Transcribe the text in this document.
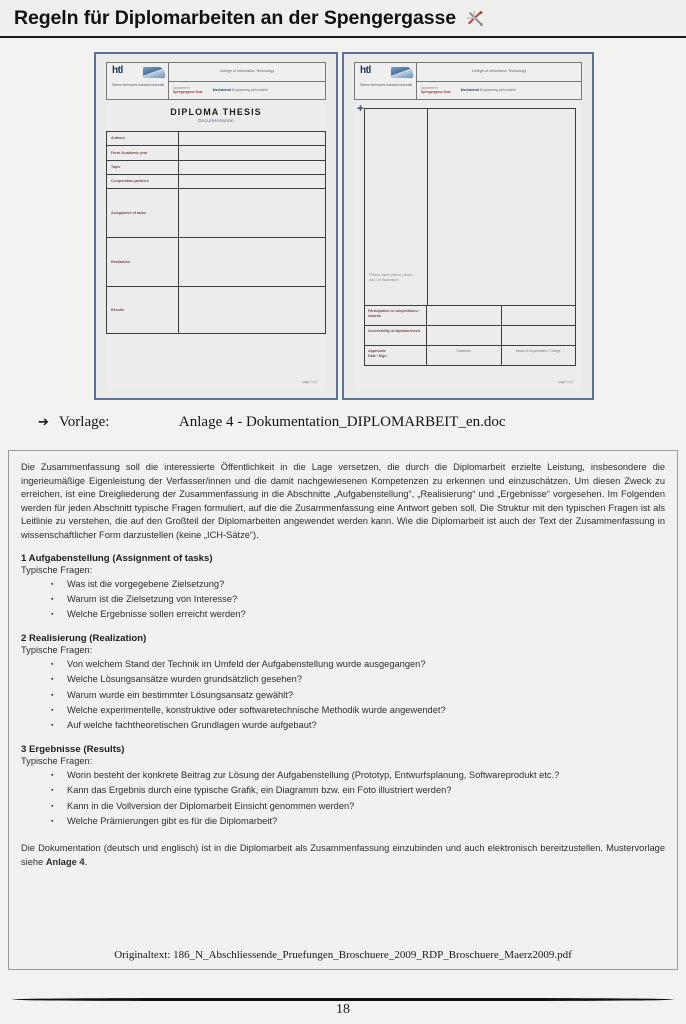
Regeln für Diplomarbeiten an der Spengergasse
htl
höhere technische bundeslehranstalt
College of Information Technology
Department
Spengergasse Graz
Mechanical Engineering Automotive
DIPLOMA THESIS
Documentation
Authors
Form / Academic year
Topic
Co-operation partners
Assignment of tasks
Realization
Results
page 1 of 2
htl
höhere technische bundeslehranstalt
College of Information Technology
Department
Spengergasse Graz
Mechanical Engineering Automotive
✚
Please insert picture, photo
and / or illustration
Participation in competitions / Awards
Accessibility of diploma thesis
Approvals
Date / Sign.
Examiner	Head of Department / College
page 2 of 2
➔ Vorlage:	Anlage 4 - Dokumentation_DIPLOMARBEIT_en.doc

Die Zusammenfassung soll die interessierte Öffentlichkeit in die Lage versetzen, die durch die Diplomarbeit erzielte Leistung, insbesondere die ingerieumäßige Eigenleistung der Verfasser/innen und die damit nachgewiesenen Kompetenzen zu erkennen und einzuschätzen. Um diesen Zweck zu erreichen, ist eine Dreigliederung der Zusammenfassung in die Abschnitte „Aufgabenstellung“, „Realisierung“ und „Ergebnisse“ vorgesehen. Im Folgenden werden für jeden Abschnitt typische Fragen formuliert, auf die die Zusammenfassung eine Antwort geben soll. Die Struktur mit den typischen Fragen ist als Leitlinie zu verstehen, die auf den Großteil der Diplomarbeiten angewendet werden kann. Wie die Diplomarbeit ist auch der Text der Zusammenfassung in wissenschaftlicher Form darzustellen (keine „ICH-Sätze“).

1 Aufgabenstellung (Assignment of tasks)
Typische Fragen:
▪ Was ist die vorgegebene Zielsetzung?
▪ Warum ist die Zielsetzung von Interesse?
▪ Welche Ergebnisse sollen erreicht werden?
2 Realisierung (Realization)
Typische Fragen:
▪ Von welchem Stand der Technik im Umfeld der Aufgabenstellung wurde ausgegangen?
▪ Welche Lösungsansätze wurden grundsätzlich gesehen?
▪ Warum wurde ein bestimmter Lösungsansatz gewählt?
▪ Welche experimentelle, konstruktive oder softwaretechnische Methodik wurde angewendet?
▪ Auf welche fachtheoretischen Grundlagen wurde aufgebaut?
3 Ergebnisse (Results)
Typische Fragen:
▪ Worin besteht der konkrete Beitrag zur Lösung der Aufgabenstellung (Prototyp, Entwurfsplanung, Softwareprodukt etc.?
▪ Kann das Ergebnis durch eine typische Grafik, ein Diagramm bzw. ein Foto illustriert werden?
▪ Kann in die Vollversion der Diplomarbeit Einsicht genommen werden?
▪ Welche Prämierungen gibt es für die Diplomarbeit?

Die Dokumentation (deutsch und englisch) ist in die Diplomarbeit als Zusammenfassung einzubinden und auch elektronisch bereitzustellen. Mustervorlage siehe Anlage 4.

Originaltext: 186_N_Abschliessende_Pruefungen_Broschuere_2009_RDP_Broschuere_Maerz2009.pdf
18
